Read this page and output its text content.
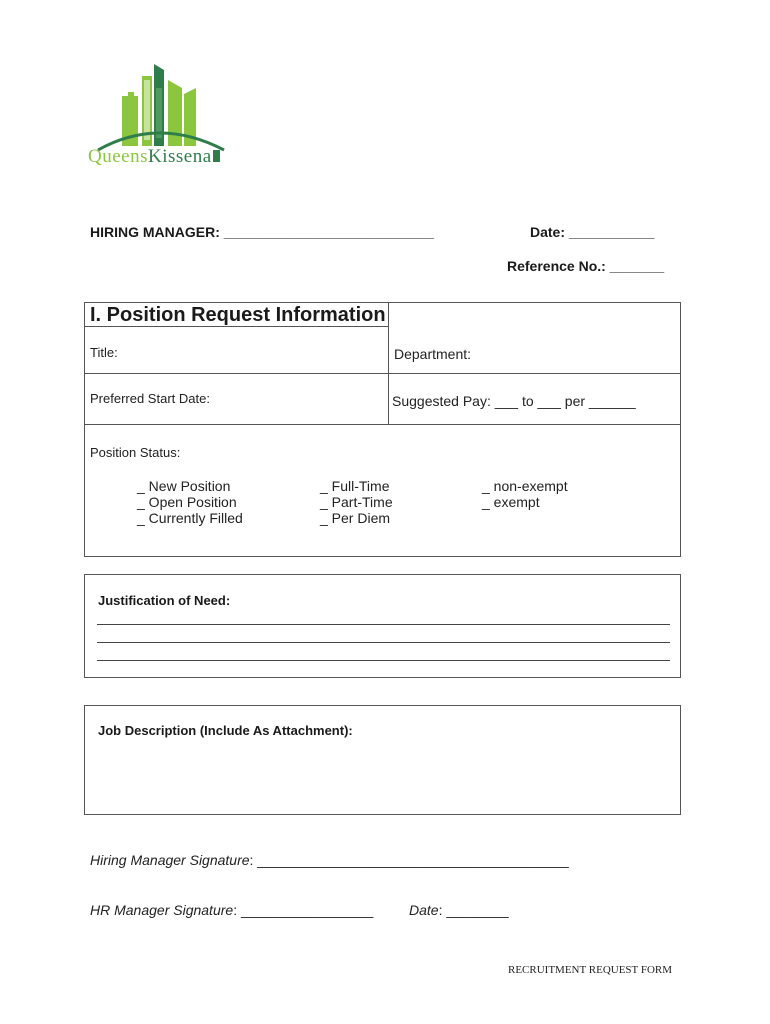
QueensKissena
HIRING MANAGER: ___________________________	Date: ___________
Reference No.: _______
I. Position Request Information
Title:	Department:
Preferred Start Date:	Suggested Pay: ___ to ___ per ______
Position Status:
_ New Position
_ Open Position
_ Currently Filled
_ Full-Time
_ Part-Time
_ Per Diem
_ non-exempt
_ exempt
Justification of Need:
Job Description (Include As Attachment):
Hiring Manager Signature: ________________________________________
HR Manager Signature: _________________	Date: ________
RECRUITMENT REQUEST FORM
